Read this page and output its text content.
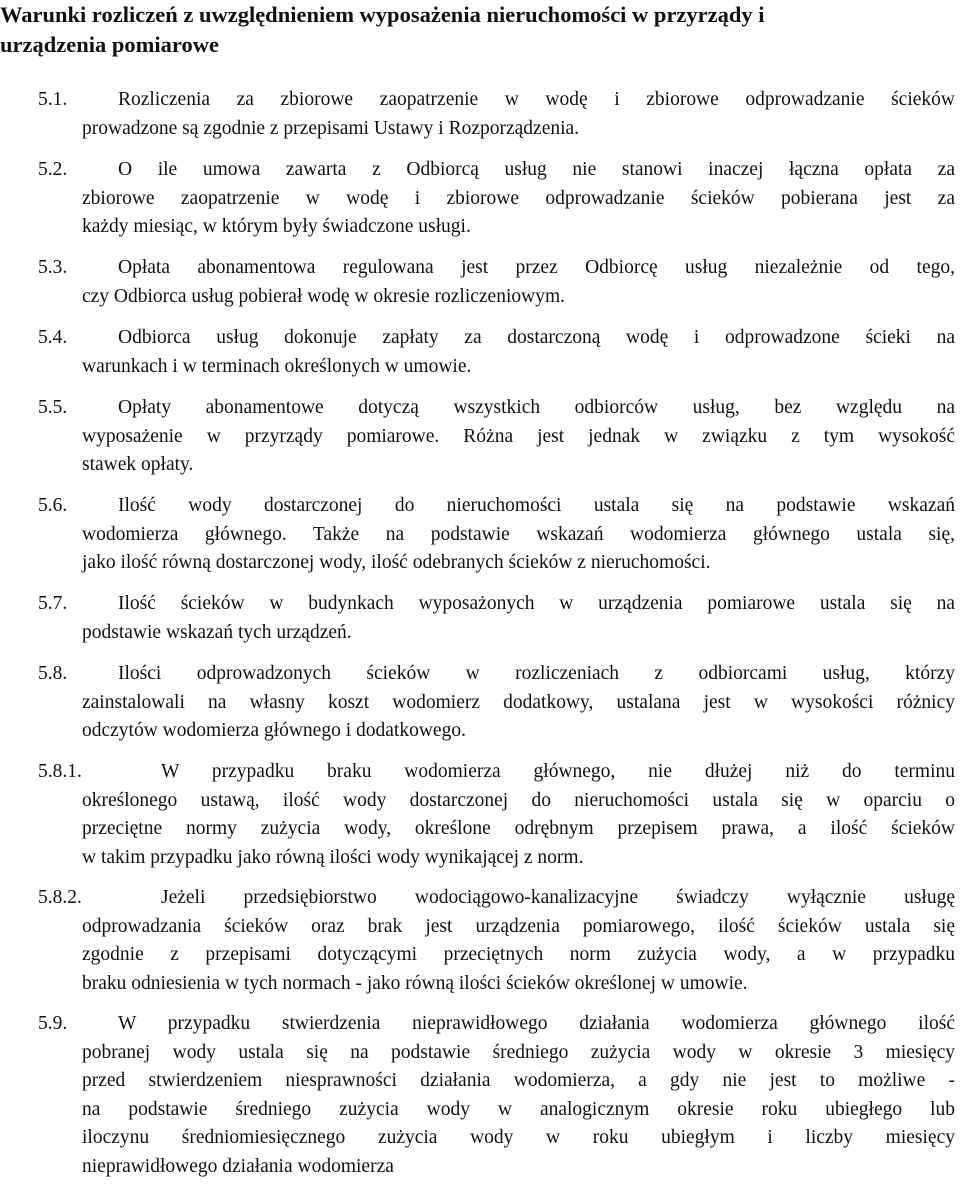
Warunki rozliczeń z uwzględnieniem wyposażenia nieruchomości w przyrządy i
urządzenia pomiarowe
5.1.	Rozliczenia za zbiorowe zaopatrzenie w wodę i zbiorowe odprowadzanie ścieków
prowadzone są zgodnie z przepisami Ustawy i Rozporządzenia.
5.2.	O ile umowa zawarta z Odbiorcą usług nie stanowi inaczej łączna opłata za
zbiorowe zaopatrzenie w wodę i zbiorowe odprowadzanie ścieków pobierana jest za
każdy miesiąc, w którym były świadczone usługi.
5.3.	Opłata abonamentowa regulowana jest przez Odbiorcę usług niezależnie od tego,
czy Odbiorca usług pobierał wodę w okresie rozliczeniowym.
5.4.	Odbiorca usług dokonuje zapłaty za dostarczoną wodę i odprowadzone ścieki na
warunkach i w terminach określonych w umowie.
5.5.	Opłaty abonamentowe dotyczą wszystkich odbiorców usług, bez względu na
wyposażenie w przyrządy pomiarowe. Różna jest jednak w związku z tym wysokość
stawek opłaty.
5.6.	Ilość wody dostarczonej do nieruchomości ustala się na podstawie wskazań
wodomierza głównego. Także na podstawie wskazań wodomierza głównego ustala się,
jako ilość równą dostarczonej wody, ilość odebranych ścieków z nieruchomości.
5.7.	Ilość ścieków w budynkach wyposażonych w urządzenia pomiarowe ustala się na
podstawie wskazań tych urządzeń.
5.8.	Ilości odprowadzonych ścieków w rozliczeniach z odbiorcami usług, którzy
zainstalowali na własny koszt wodomierz dodatkowy, ustalana jest w wysokości różnicy
odczytów wodomierza głównego i dodatkowego.
5.8.1.	W przypadku braku wodomierza głównego, nie dłużej niż do terminu
określonego ustawą, ilość wody dostarczonej do nieruchomości ustala się w oparciu o
przeciętne normy zużycia wody, określone odrębnym przepisem prawa, a ilość ścieków
w takim przypadku jako równą ilości wody wynikającej z norm.
5.8.2.	Jeżeli przedsiębiorstwo wodociągowo-kanalizacyjne świadczy wyłącznie usługę
odprowadzania ścieków oraz brak jest urządzenia pomiarowego, ilość ścieków ustala się
zgodnie z przepisami dotyczącymi przeciętnych norm zużycia wody, a w przypadku
braku odniesienia w tych normach - jako równą ilości ścieków określonej w umowie.
5.9.	W przypadku stwierdzenia nieprawidłowego działania wodomierza głównego ilość
pobranej wody ustala się na podstawie średniego zużycia wody w okresie 3 miesięcy
przed stwierdzeniem niesprawności działania wodomierza, a gdy nie jest to możliwe -
na podstawie średniego zużycia wody w analogicznym okresie roku ubiegłego lub
iloczynu średniomiesięcznego zużycia wody w roku ubiegłym i liczby miesięcy
nieprawidłowego działania wodomierza
